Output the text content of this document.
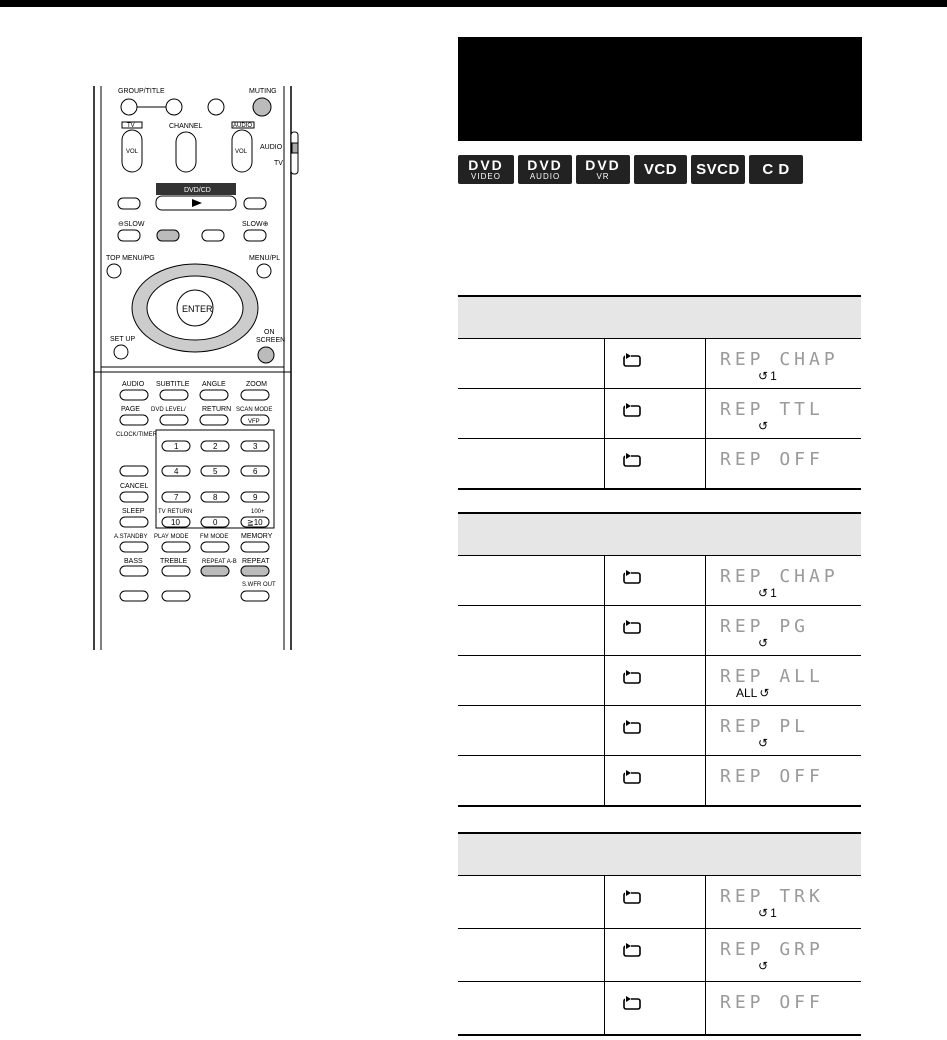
AUDIO
TV
GROUP/TITLE	MUTING
TV
VOL
CHANNEL	AUDIO
VOL
DVD/CD
⊖SLOW	SLOW⊕
TOP MENU/PG	MENU/PL
ENTER
SET UP
ON
SCREEN
AUDIO SUBTITLE ANGLE	ZOOM
PAGE DVD LEVEL/ RETURN SCAN MODE
VFP
CLOCK/TIMER
1	2	3
4	5	6
CANCEL
7	8	9
SLEEP TV RETURN	100+
10	0	≧10
A.STANDBY PLAY MODE FM MODE MEMORY
BASS TREBLE REPEAT A-B REPEAT
S.WFR OUT
DVD
VIDEO
DVD
AUDIO
DVD
VR VCD SVCD C D
REP CHAP
↺ 1
REP TTL
↺
REP OFF
REP CHAP
↺ 1
REP PG
↺
REP ALL
ALL ↺
REP PL
↺
REP OFF
REP TRK
↺ 1
REP GRP
↺
REP OFF
